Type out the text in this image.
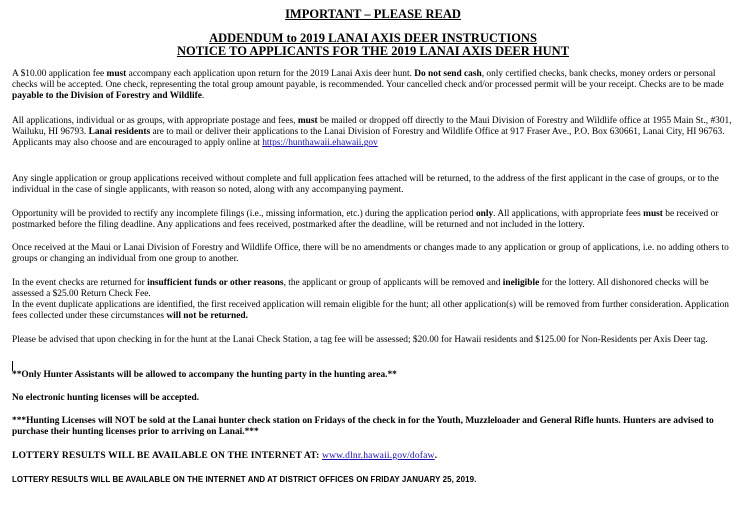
IMPORTANT – PLEASE READ
ADDENDUM to 2019 LANAI AXIS DEER INSTRUCTIONS
NOTICE TO APPLICANTS FOR THE 2019 LANAI AXIS DEER HUNT
A $10.00 application fee must accompany each application upon return for the 2019 Lanai Axis deer hunt. Do not send cash, only certified checks, bank checks, money orders or personal checks will be accepted. One check, representing the total group amount payable, is recommended. Your cancelled check and/or processed permit will be your receipt. Checks are to be made payable to the Division of Forestry and Wildlife.
All applications, individual or as groups, with appropriate postage and fees, must be mailed or dropped off directly to the Maui Division of Forestry and Wildlife office at 1955 Main St., #301, Wailuku, HI 96793. Lanai residents are to mail or deliver their applications to the Lanai Division of Forestry and Wildlife Office at 917 Fraser Ave., P.O. Box 630661, Lanai City, HI 96763.
Applicants may also choose and are encouraged to apply online at https://hunthawaii.ehawaii.gov
Any single application or group applications received without complete and full application fees attached will be returned, to the address of the first applicant in the case of groups, or to the individual in the case of single applicants, with reason so noted, along with any accompanying payment.
Opportunity will be provided to rectify any incomplete filings (i.e., missing information, etc.) during the application period only. All applications, with appropriate fees must be received or postmarked before the filing deadline. Any applications and fees received, postmarked after the deadline, will be returned and not included in the lottery.
Once received at the Maui or Lanai Division of Forestry and Wildlife Office, there will be no amendments or changes made to any application or group of applications, i.e. no adding others to groups or changing an individual from one group to another.
In the event checks are returned for insufficient funds or other reasons, the applicant or group of applicants will be removed and ineligible for the lottery. All dishonored checks will be assessed a $25.00 Return Check Fee.
In the event duplicate applications are identified, the first received application will remain eligible for the hunt; all other application(s) will be removed from further consideration. Application fees collected under these circumstances will not be returned.
Please be advised that upon checking in for the hunt at the Lanai Check Station, a tag fee will be assessed; $20.00 for Hawaii residents and $125.00 for Non-Residents per Axis Deer tag.
**Only Hunter Assistants will be allowed to accompany the hunting party in the hunting area.**
No electronic hunting licenses will be accepted.
***Hunting Licenses will NOT be sold at the Lanai hunter check station on Fridays of the check in for the Youth, Muzzleloader and General Rifle hunts. Hunters are advised to purchase their hunting licenses prior to arriving on Lanai.***
LOTTERY RESULTS WILL BE AVAILABLE ON THE INTERNET AT: www.dlnr.hawaii.gov/dofaw.
LOTTERY RESULTS WILL BE AVAILABLE ON THE INTERNET AND AT DISTRICT OFFICES ON FRIDAY JANUARY 25, 2019.
